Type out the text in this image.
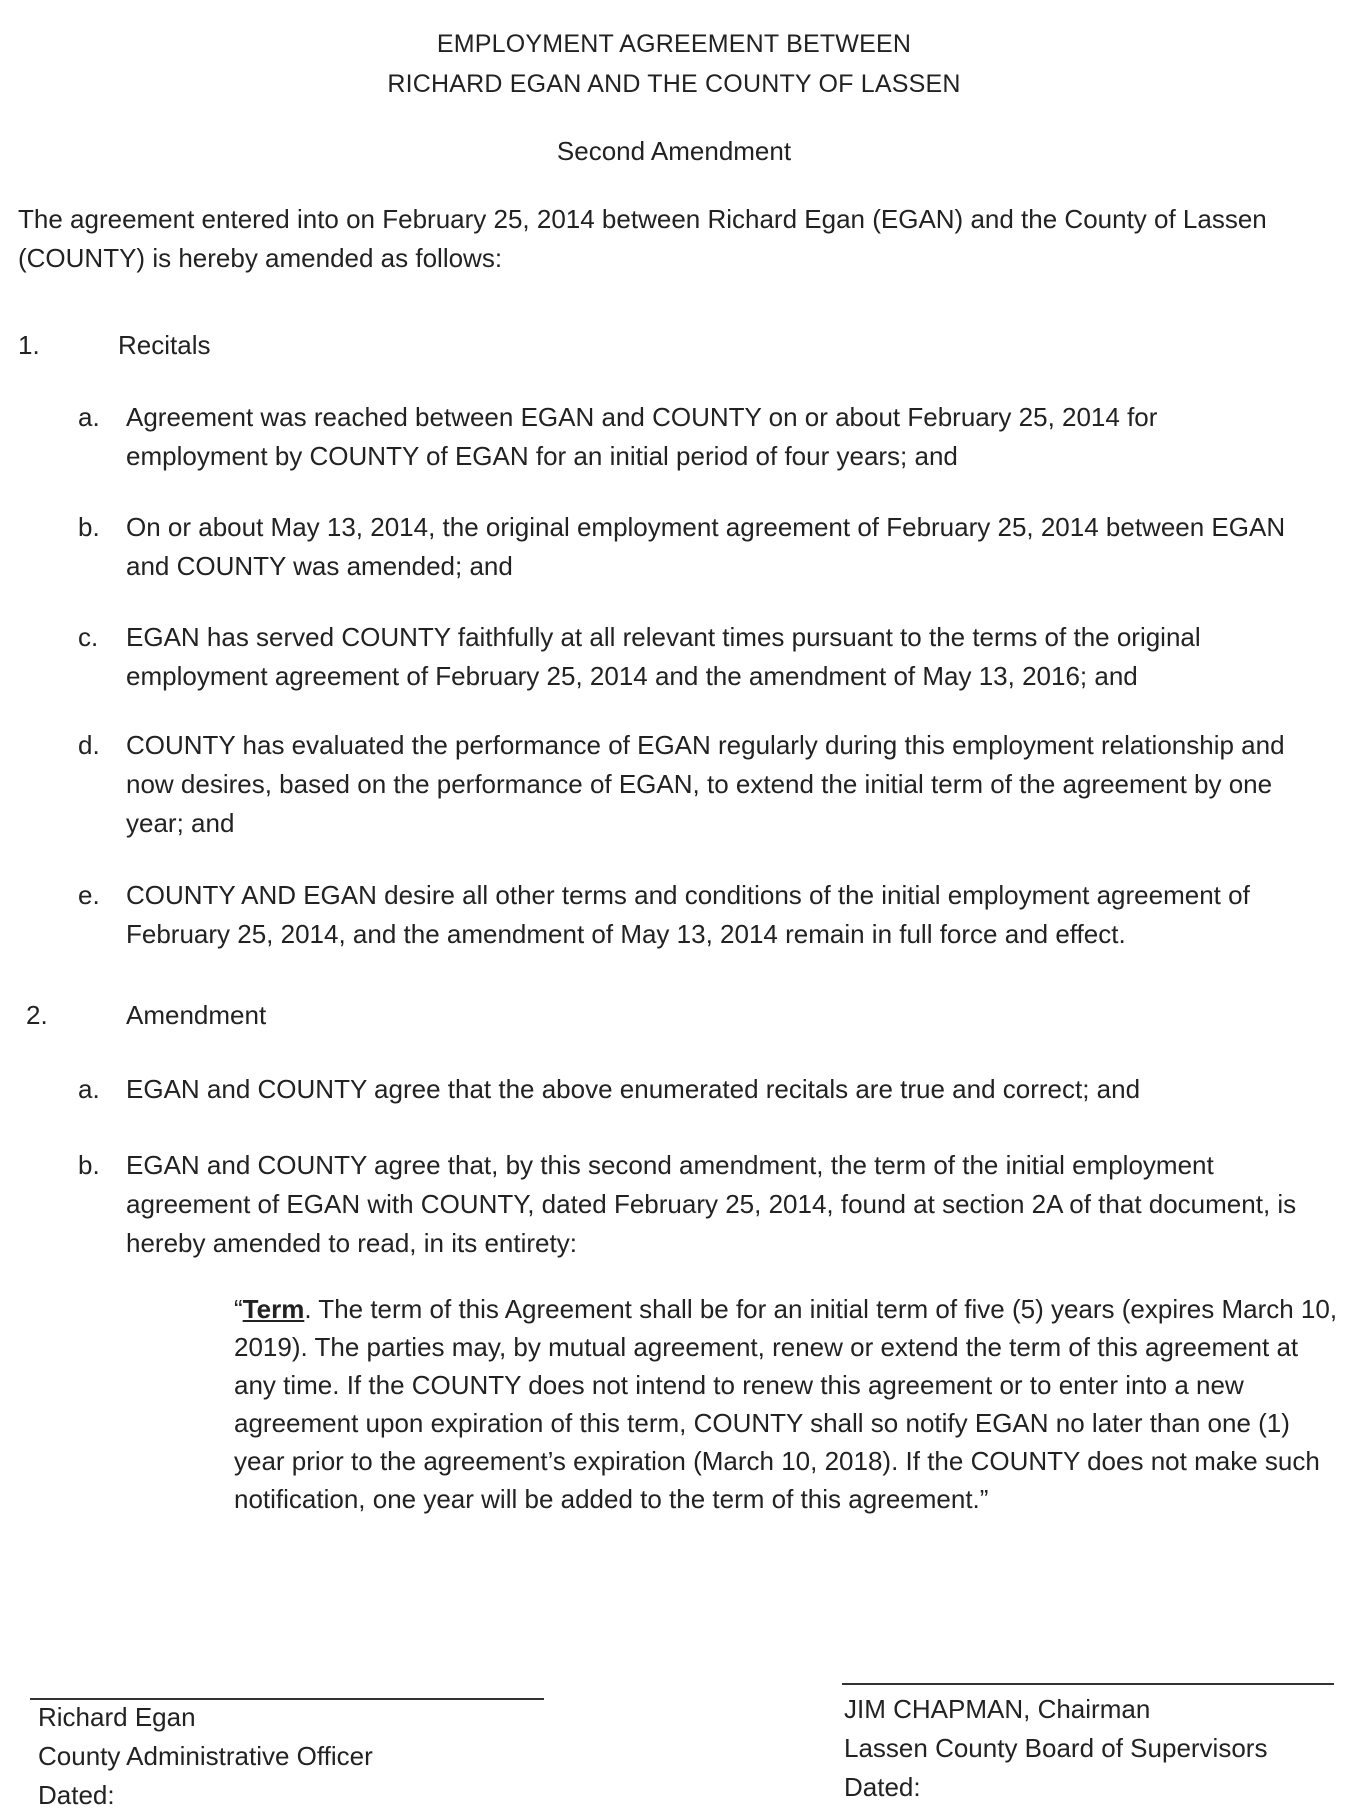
EMPLOYMENT AGREEMENT BETWEEN
RICHARD EGAN AND THE COUNTY OF LASSEN
Second Amendment
The agreement entered into on February 25, 2014 between Richard Egan (EGAN) and the County of Lassen (COUNTY) is hereby amended as follows:
1.	Recitals
a.	Agreement was reached between EGAN and COUNTY on or about February 25, 2014 for employment by COUNTY of EGAN for an initial period of four years; and
b.	On or about May 13, 2014, the original employment agreement of February 25, 2014 between EGAN and COUNTY was amended; and
c.	EGAN has served COUNTY faithfully at all relevant times pursuant to the terms of the original employment agreement of February 25, 2014 and the amendment of May 13, 2016; and
d.	COUNTY has evaluated the performance of EGAN regularly during this employment relationship and now desires, based on the performance of EGAN, to extend the initial term of the agreement by one year; and
e.	COUNTY AND EGAN desire all other terms and conditions of the initial employment agreement of February 25, 2014, and the amendment of May 13, 2014 remain in full force and effect.
2.	Amendment
a.	EGAN and COUNTY agree that the above enumerated recitals are true and correct; and
b.	EGAN and COUNTY agree that, by this second amendment, the term of the initial employment agreement of EGAN with COUNTY, dated February 25, 2014, found at section 2A of that document, is hereby amended to read, in its entirety:
“Term. The term of this Agreement shall be for an initial term of five (5) years (expires March 10, 2019). The parties may, by mutual agreement, renew or extend the term of this agreement at any time. If the COUNTY does not intend to renew this agreement or to enter into a new agreement upon expiration of this term, COUNTY shall so notify EGAN no later than one (1) year prior to the agreement’s expiration (March 10, 2018). If the COUNTY does not make such notification, one year will be added to the term of this agreement.”
Richard Egan
County Administrative Officer
Dated:
JIM CHAPMAN, Chairman
Lassen County Board of Supervisors
Dated:
